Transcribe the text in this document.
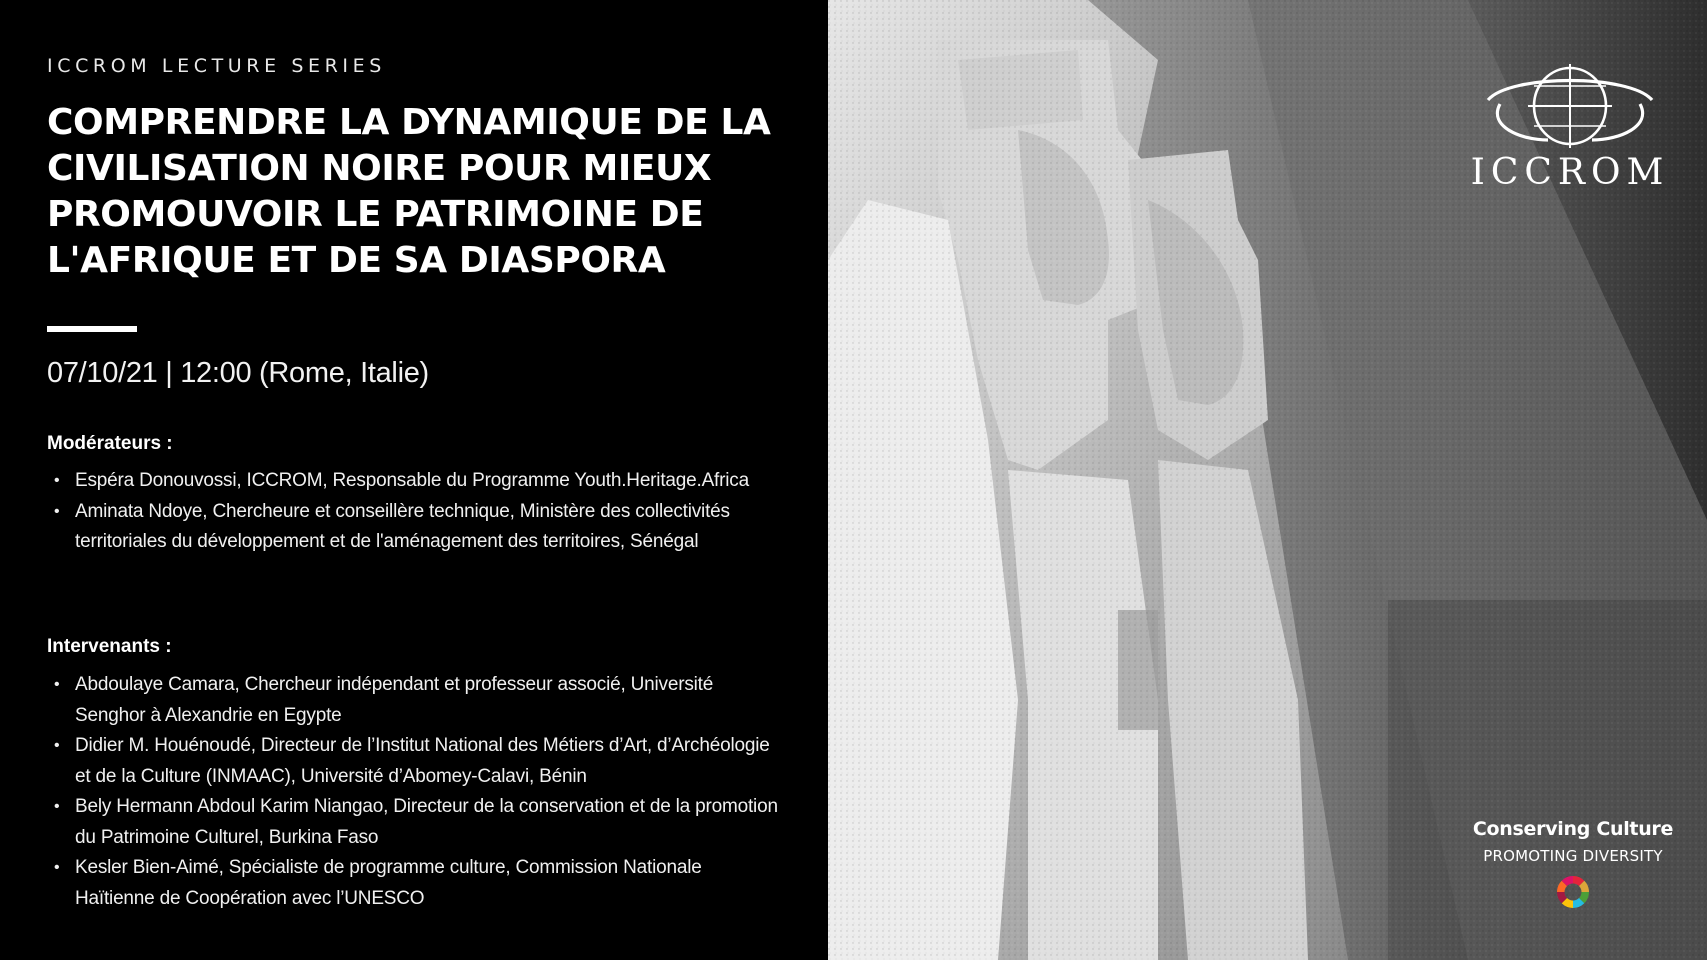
ICCROM LECTURE SERIES
COMPRENDRE LA DYNAMIQUE DE LA CIVILISATION NOIRE POUR MIEUX PROMOUVOIR LE PATRIMOINE DE L'AFRIQUE ET DE SA DIASPORA
07/10/21 | 12:00 (Rome, Italie)
Modérateurs :
• Espéra Donouvossi, ICCROM, Responsable du Programme Youth.Heritage.Africa
• Aminata Ndoye, Chercheure et conseillère technique, Ministère des collectivités territoriales du développement et de l'aménagement des territoires, Sénégal
Intervenants :
• Abdoulaye Camara, Chercheur indépendant et professeur associé, Université Senghor à Alexandrie en Egypte
• Didier M. Houénoudé, Directeur de l’Institut National des Métiers d’Art, d’Archéologie et de la Culture (INMAAC), Université d’Abomey-Calavi, Bénin
• Bely Hermann Abdoul Karim Niangao, Directeur de la conservation et de la promotion du Patrimoine Culturel, Burkina Faso
• Kesler Bien-Aimé, Spécialiste de programme culture, Commission Nationale Haïtienne de Coopération avec l’UNESCO
ICCROM
Conserving Culture
PROMOTING DIVERSITY
